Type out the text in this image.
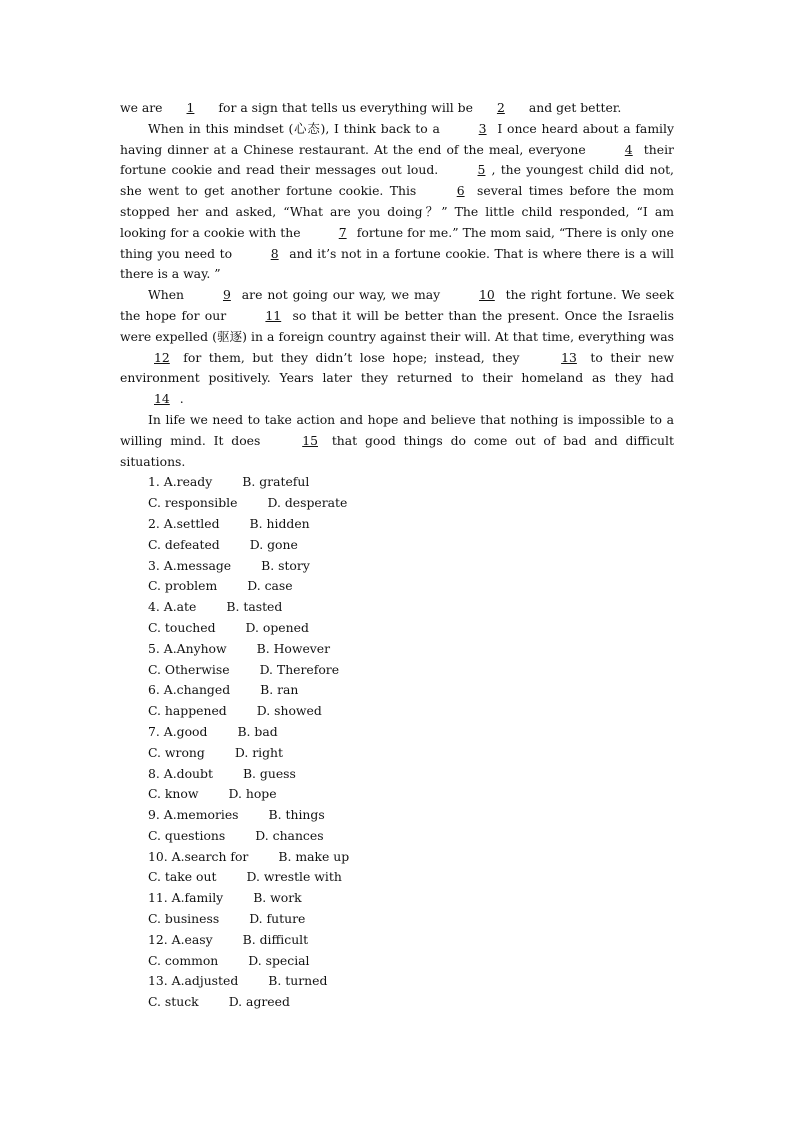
we are 1 for a sign that tells us everything will be 2 and get better.

When in this mindset (心态), I think back to a	3 I once heard about a family having dinner at a Chinese restaurant. At the end of the meal, everyone	4 their fortune cookie and read their messages out loud.	5 , the youngest child did not, she went to get another fortune cookie. This	6 several times before the mom stopped her and asked, “What are you doing？” The little child responded, “I am looking for a cookie with the	7 fortune for me.” The mom said, “There is only one thing you need to	8 and it’s not in a fortune cookie. That is where there is a will there is a way. ”

When	9 are not going our way, we may	10 the right fortune. We seek the hope for our	11 so that it will be better than the present. Once the Israelis were expelled (驱逐) in a foreign country against their will. At that time, everything was 12 for them, but they didn’t lose hope; instead, they	13 to their new environment positively. Years later they returned to their homeland as they had 14 .

In life we need to take action and hope and believe that nothing is impossible to a willing mind. It does	15 that good things do come out of bad and difficult situations.

1. A.ready B. grateful
C. responsible D. desperate
2. A.settled B. hidden
C. defeated D. gone
3. A.message B. story
C. problem D. case
4. A.ate B. tasted
C. touched D. opened
5. A.Anyhow B. However
C. Otherwise D. Therefore
6. A.changed B. ran
C. happened D. showed
7. A.good B. bad
C. wrong D. right
8. A.doubt B. guess
C. know D. hope
9. A.memories B. things
C. questions D. chances
10. A.search for B. make up
C. take out D. wrestle with
11. A.family B. work
C. business D. future
12. A.easy B. difficult
C. common D. special
13. A.adjusted B. turned
C. stuck D. agreed
